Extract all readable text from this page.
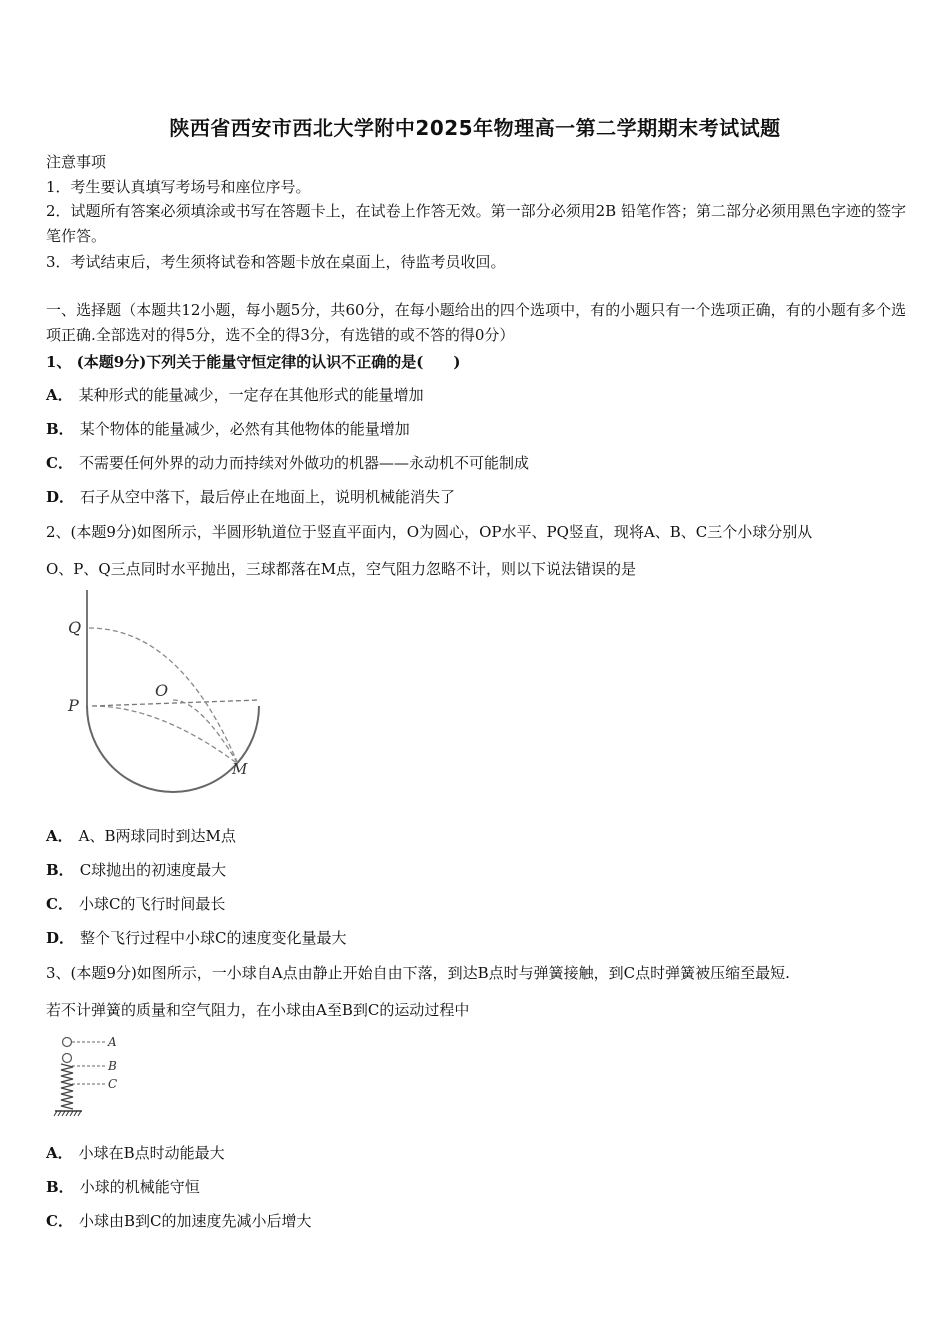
陕西省西安市西北大学附中2025年物理高一第二学期期末考试试题
注意事项
1．考生要认真填写考场号和座位序号。
2．试题所有答案必须填涂或书写在答题卡上，在试卷上作答无效。第一部分必须用2B 铅笔作答；第二部分必须用黑色字迹的签字笔作答。
3．考试结束后，考生须将试卷和答题卡放在桌面上，待监考员收回。
一、选择题（本题共12小题，每小题5分，共60分，在每小题给出的四个选项中，有的小题只有一个选项正确，有的小题有多个选项正确.全部选对的得5分，选不全的得3分，有选错的或不答的得0分）
1、 (本题9分)下列关于能量守恒定律的认识不正确的是(　　)
A． 某种形式的能量减少，一定存在其他形式的能量增加
B． 某个物体的能量减少，必然有其他物体的能量增加
C． 不需要任何外界的动力而持续对外做功的机器——永动机不可能制成
D． 石子从空中落下，最后停止在地面上，说明机械能消失了
2、(本题9分)如图所示，半圆形轨道位于竖直平面内，O为圆心，OP水平、PQ竖直，现将A、B、C三个小球分别从
O、P、Q三点同时水平抛出，三球都落在M点，空气阻力忽略不计，则以下说法错误的是
Q
P
O
M
A． A、B两球同时到达M点
B． C球抛出的初速度最大
C． 小球C的飞行时间最长
D． 整个飞行过程中小球C的速度变化量最大
3、(本题9分)如图所示，一小球自A点由静止开始自由下落，到达B点时与弹簧接触，到C点时弹簧被压缩至最短.
若不计弹簧的质量和空气阻力，在小球由A至B到C的运动过程中
A
B
C
A． 小球在B点时动能最大
B． 小球的机械能守恒
C． 小球由B到C的加速度先减小后增大
